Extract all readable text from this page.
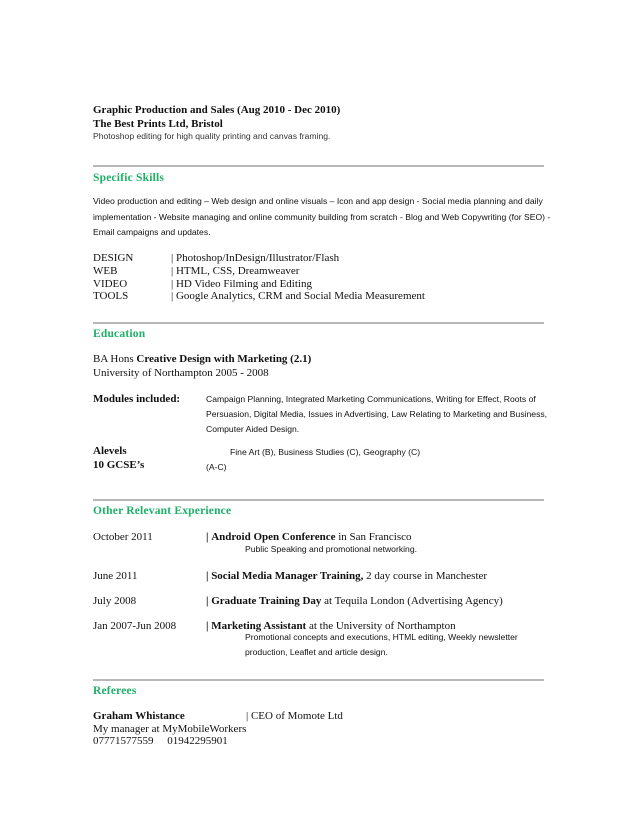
Graphic Production and Sales (Aug 2010 - Dec 2010)
The Best Prints Ltd, Bristol
Photoshop editing for high quality printing and canvas framing.
Specific Skills
Video production and editing – Web design and online visuals – Icon and app design - Social media planning and daily
implementation - Website managing and online community building from scratch - Blog and Web Copywriting (for SEO) -
Email campaigns and updates.
DESIGN	| Photoshop/InDesign/Illustrator/Flash
WEB	| HTML, CSS, Dreamweaver
VIDEO	| HD Video Filming and Editing
TOOLS	| Google Analytics, CRM and Social Media Measurement
Education
BA Hons Creative Design with Marketing (2.1)
University of Northampton 2005 - 2008
Modules included:	Campaign Planning, Integrated Marketing Communications, Writing for Effect, Roots of
Persuasion, Digital Media, Issues in Advertising, Law Relating to Marketing and Business,
Computer Aided Design.
Alevels	Fine Art (B), Business Studies (C), Geography (C)
10 GCSE’s	(A-C)
Other Relevant Experience
October 2011	| Android Open Conference in San Francisco
Public Speaking and promotional networking.
June 2011	| Social Media Manager Training, 2 day course in Manchester
July 2008	| Graduate Training Day at Tequila London (Advertising Agency)
Jan 2007-Jun 2008	| Marketing Assistant at the University of Northampton
Promotional concepts and executions, HTML editing, Weekly newsletter
production, Leaflet and article design.
Referees
Graham Whistance	| CEO of Momote Ltd
My manager at MyMobileWorkers
07771577559     01942295901
